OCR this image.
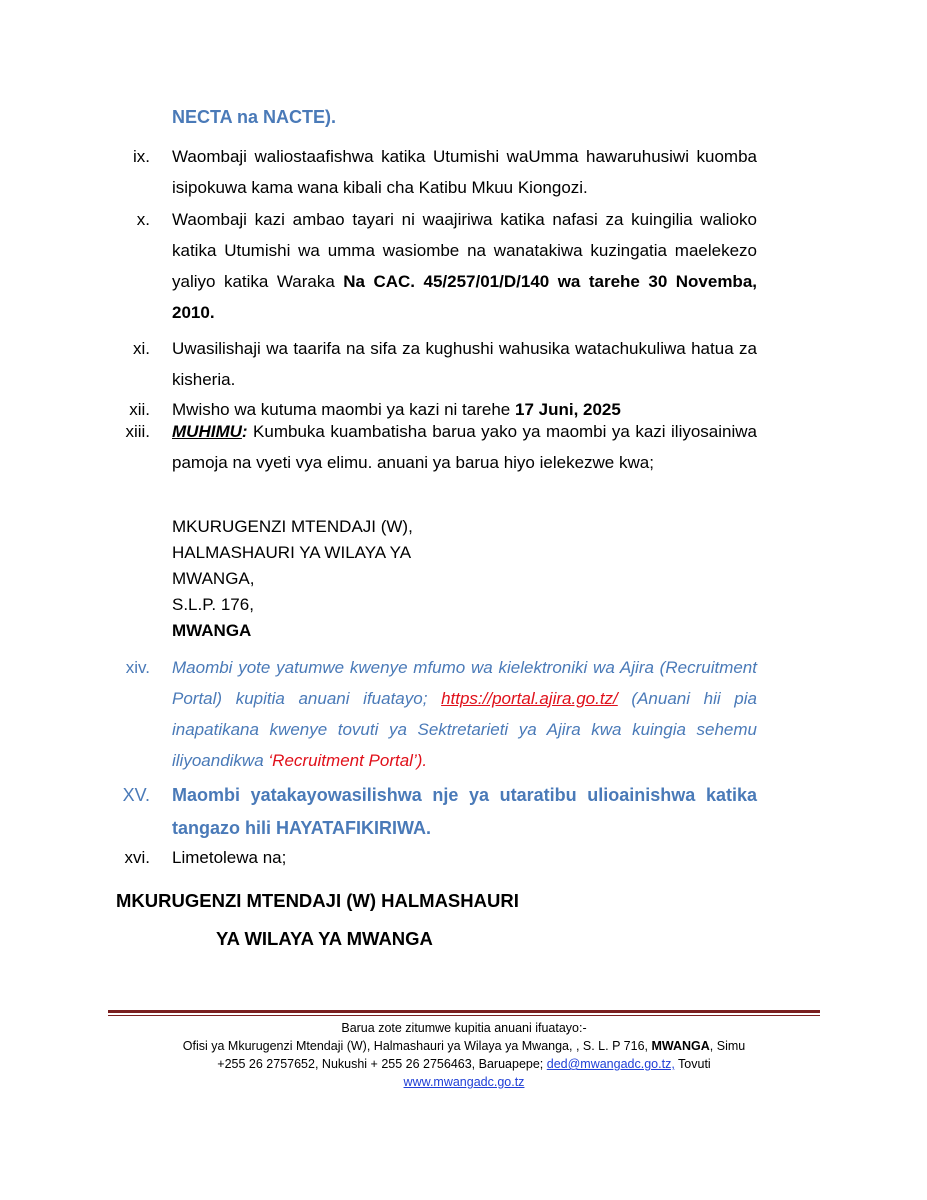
NECTA na NACTE).
ix. Waombaji waliostaafishwa katika Utumishi waUmma hawaruhusiwi kuomba isipokuwa kama wana kibali cha Katibu Mkuu Kiongozi.
x. Waombaji kazi ambao tayari ni waajiriwa katika nafasi za kuingilia walioko katika Utumishi wa umma wasiombe na wanatakiwa kuzingatia maelekezo yaliyo katika Waraka Na CAC. 45/257/01/D/140 wa tarehe 30 Novemba, 2010.
xi. Uwasilishaji wa taarifa na sifa za kughushi wahusika watachukuliwa hatua za kisheria.
xii. Mwisho wa kutuma maombi ya kazi ni tarehe 17 Juni, 2025
xiii. MUHIMU: Kumbuka kuambatisha barua yako ya maombi ya kazi iliyosainiwa pamoja na vyeti vya elimu. anuani ya barua hiyo ielekezwe kwa;
MKURUGENZI MTENDAJI (W),
HALMASHAURI YA WILAYA YA
MWANGA,
S.L.P. 176,
MWANGA
xiv. Maombi yote yatumwe kwenye mfumo wa kielektroniki wa Ajira (Recruitment Portal) kupitia anuani ifuatayo; https://portal.ajira.go.tz/ (Anuani hii pia inapatikana kwenye tovuti ya Sektretarieti ya Ajira kwa kuingia sehemu iliyoandikwa ‘Recruitment Portal’).
XV. Maombi yatakayowasilishwa nje ya utaratibu ulioainishwa katika tangazo hili HAYATAFIKIRIWA.
xvi. Limetolewa na;
MKURUGENZI MTENDAJI (W) HALMASHAURI
YA WILAYA YA MWANGA
Barua zote zitumwe kupitia anuani ifuatayo:-
Ofisi ya Mkurugenzi Mtendaji (W), Halmashauri ya Wilaya ya Mwanga, , S. L. P 716, MWANGA, Simu
+255 26 2757652, Nukushi + 255 26 2756463, Baruapepe; ded@mwangadc.go.tz, Tovuti
www.mwangadc.go.tz
